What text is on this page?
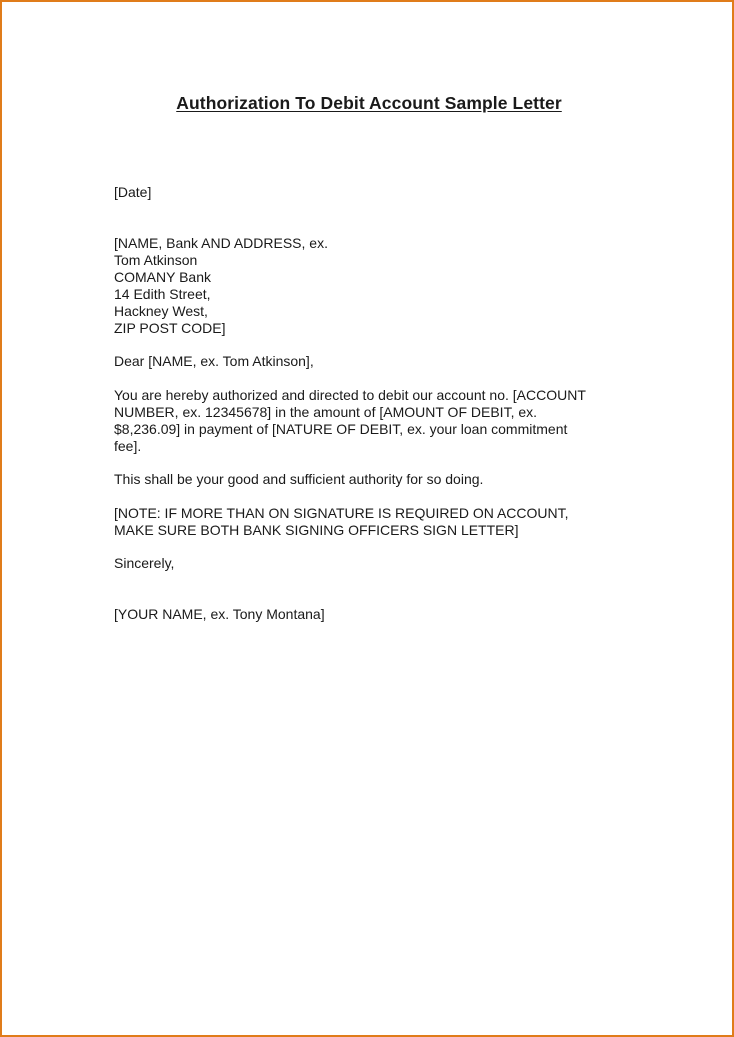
Authorization To Debit Account Sample Letter

[Date]

[NAME, Bank AND ADDRESS, ex.
Tom Atkinson
COMANY Bank
14 Edith Street,
Hackney West,
ZIP POST CODE]

Dear [NAME, ex. Tom Atkinson],

You are hereby authorized and directed to debit our account no. [ACCOUNT
NUMBER, ex. 12345678] in the amount of [AMOUNT OF DEBIT, ex.
$8,236.09] in payment of [NATURE OF DEBIT, ex. your loan commitment
fee].

This shall be your good and sufficient authority for so doing.

[NOTE: IF MORE THAN ON SIGNATURE IS REQUIRED ON ACCOUNT,
MAKE SURE BOTH BANK SIGNING OFFICERS SIGN LETTER]

Sincerely,

[YOUR NAME, ex. Tony Montana]
